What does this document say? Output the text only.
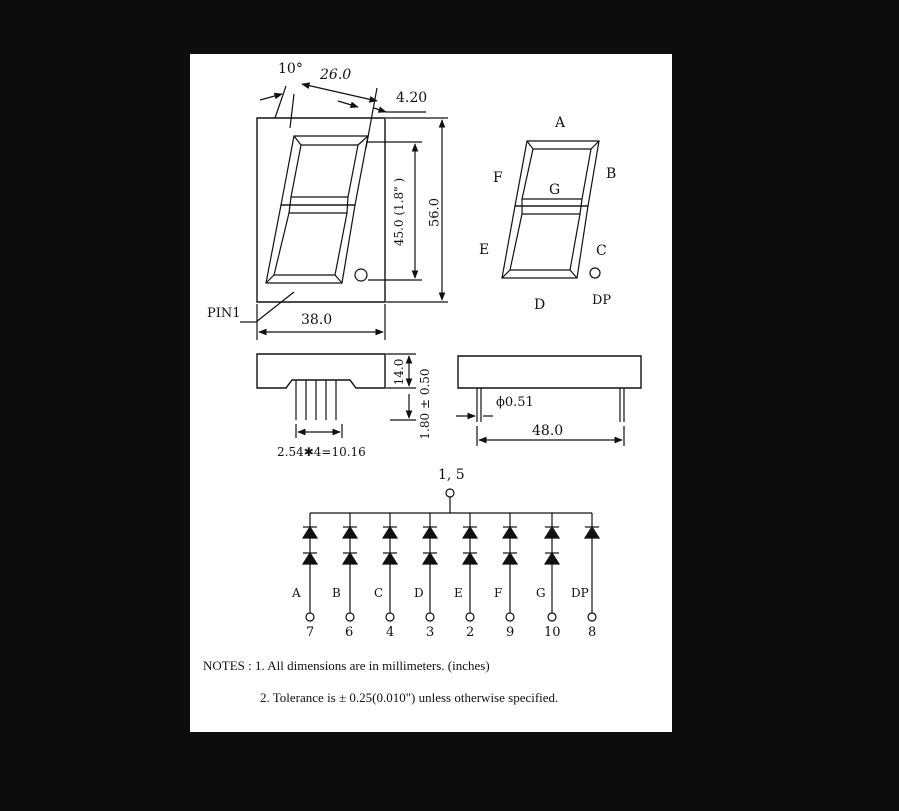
10° 26.0
4.20
45.0 (1.8" ) 56.0
38.0
PIN1
A
B
C
D
E
F
G
DP
14.0 1.80 ± 0.50
2.54✱4=10.16
ϕ0.51
48.0
1, 5
A	B	C	D	E	F	G DP
7 6	4 3 2 9 10 8
NOTES : 1. All dimensions are in millimeters. (inches)
2. Tolerance is ± 0.25(0.010") unless otherwise specified.
